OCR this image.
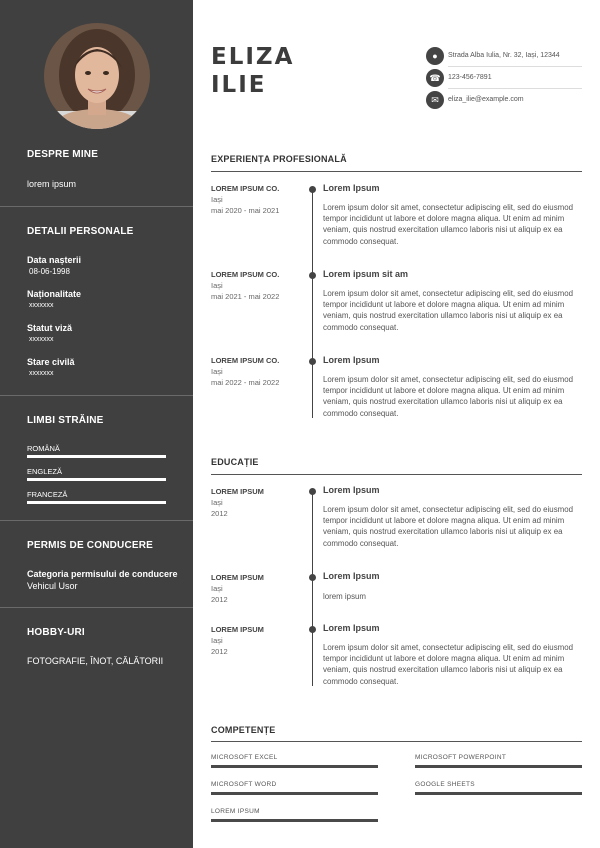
DESPRE MINE
lorem ipsum
DETALII PERSONALE
Data nașterii
08-06-1998
Naționalitate
xxxxxxx
Statut viză
xxxxxxx
Stare civilă
xxxxxxx
LIMBI STRĂINE
ROMÂNĂ
ENGLEZĂ
FRANCEZĂ
PERMIS DE CONDUCERE
Categoria permisului de conducere
Vehicul Usor
HOBBY-URI
FOTOGRAFIE, ÎNOT, CĂLĂTORII
ELIZA
ILIE
●	Strada Alba Iulia, Nr. 32, Iași, 12344
☎	123-456-7891
✉	eliza_ilie@example.com
EXPERIENȚA PROFESIONALĂ
LOREM IPSUM CO.
Iași
mai 2020 - mai 2021
Lorem Ipsum
Lorem ipsum dolor sit amet, consectetur adipiscing elit, sed do eiusmod tempor incididunt ut labore et dolore magna aliqua. Ut enim ad minim veniam, quis nostrud exercitation ullamco laboris nisi ut aliquip ex ea commodo consequat.
LOREM IPSUM CO.
Iași
mai 2021 - mai 2022
Lorem ipsum sit am
Lorem ipsum dolor sit amet, consectetur adipiscing elit, sed do eiusmod tempor incididunt ut labore et dolore magna aliqua. Ut enim ad minim veniam, quis nostrud exercitation ullamco laboris nisi ut aliquip ex ea commodo consequat.
LOREM IPSUM CO.
Iași
mai 2022 - mai 2022
Lorem Ipsum
Lorem ipsum dolor sit amet, consectetur adipiscing elit, sed do eiusmod tempor incididunt ut labore et dolore magna aliqua. Ut enim ad minim veniam, quis nostrud exercitation ullamco laboris nisi ut aliquip ex ea commodo consequat.
EDUCAȚIE
LOREM IPSUM
Iași
2012
Lorem Ipsum
Lorem ipsum dolor sit amet, consectetur adipiscing elit, sed do eiusmod tempor incididunt ut labore et dolore magna aliqua. Ut enim ad minim veniam, quis nostrud exercitation ullamco laboris nisi ut aliquip ex ea commodo consequat.
LOREM IPSUM
Iași
2012
Lorem Ipsum
lorem ipsum
LOREM IPSUM
Iași
2012
Lorem Ipsum
Lorem ipsum dolor sit amet, consectetur adipiscing elit, sed do eiusmod tempor incididunt ut labore et dolore magna aliqua. Ut enim ad minim veniam, quis nostrud exercitation ullamco laboris nisi ut aliquip ex ea commodo consequat.
COMPETENȚE
MICROSOFT EXCEL	MICROSOFT POWERPOINT
MICROSOFT WORD	GOOGLE SHEETS
LOREM IPSUM
